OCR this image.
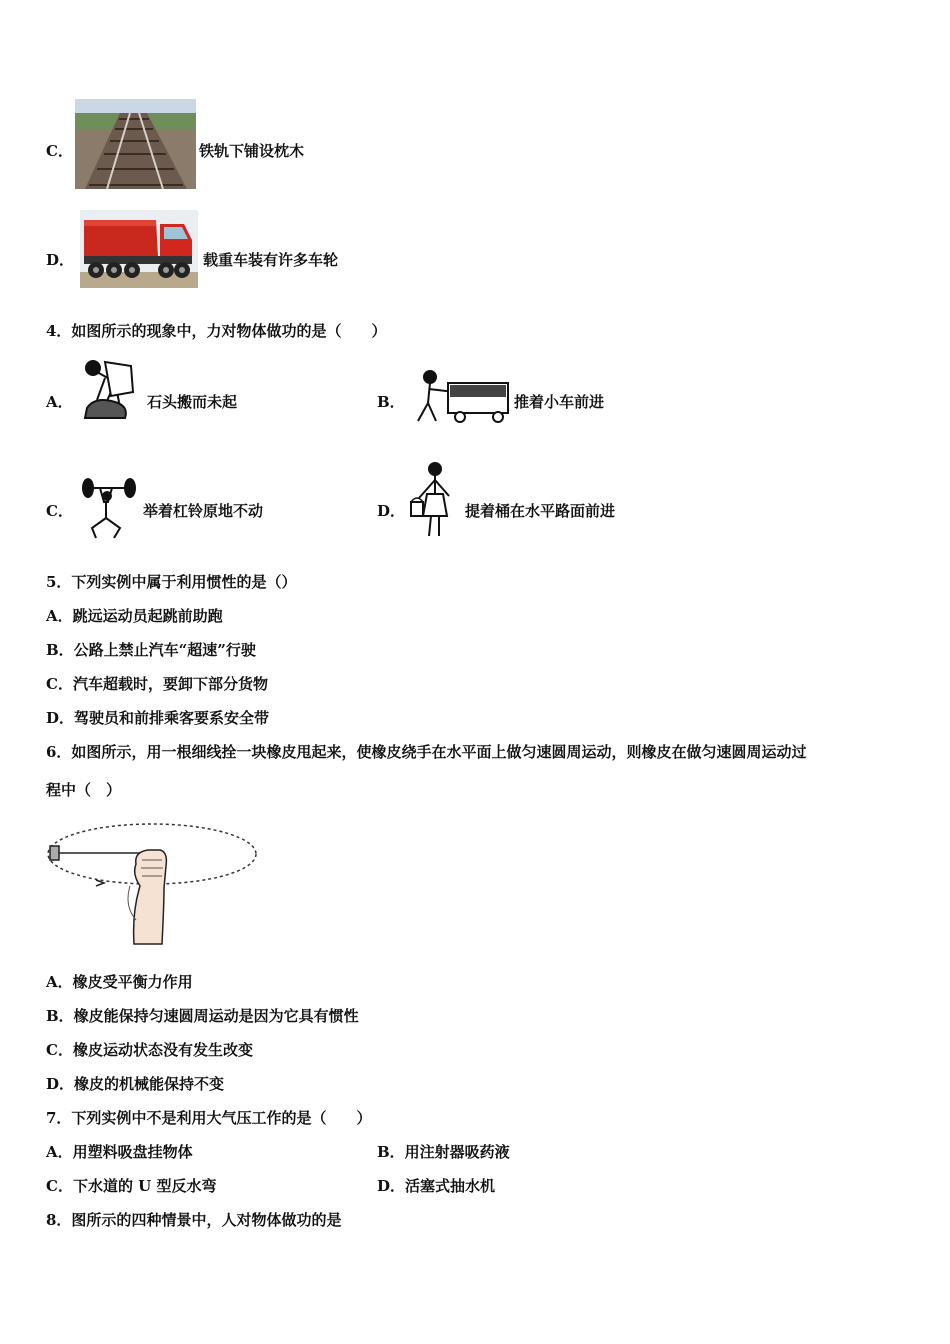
C．	铁轨下铺设枕木
D．	载重车装有许多车轮
4．如图所示的现象中，力对物体做功的是（　　）
A．	石头搬而未起	B．	推着小车前进
C．	举着杠铃原地不动	D．	提着桶在水平路面前进
5．下列实例中属于利用惯性的是（）
A．跳远运动员起跳前助跑
B．公路上禁止汽车“超速”行驶
C．汽车超载时，要卸下部分货物
D．驾驶员和前排乘客要系安全带
6．如图所示，用一根细线拴一块橡皮甩起来，使橡皮绕手在水平面上做匀速圆周运动，则橡皮在做匀速圆周运动过
程中（　）
A．橡皮受平衡力作用
B．橡皮能保持匀速圆周运动是因为它具有惯性
C．橡皮运动状态没有发生改变
D．橡皮的机械能保持不变
7．下列实例中不是利用大气压工作的是（　　）
A．用塑料吸盘挂物体	B．用注射器吸药液
C．下水道的 U 型反水弯	D．活塞式抽水机
8．图所示的四种情景中，人对物体做功的是
